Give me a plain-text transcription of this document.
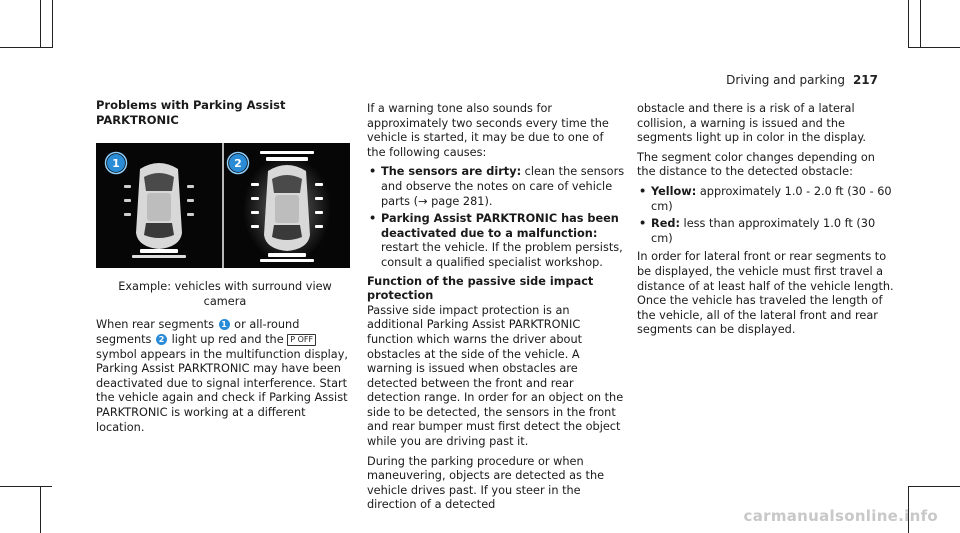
Driving and parking 217

Problems with Parking Assist PARKTRONIC

1	2

Example: vehicles with surround view camera

When rear segments 1 or all-round segments 2 light up red and the P OFF symbol appears in the multifunction display, Parking Assist PARKTRONIC may have been deactivated due to signal interference. Start the vehicle again and check if Parking Assist PARKTRONIC is working at a different location.

If a warning tone also sounds for approximately two seconds every time the vehicle is started, it may be due to one of the following causes:

• The sensors are dirty: clean the sensors and observe the notes on care of vehicle parts (→ page 281).
• Parking Assist PARKTRONIC has been deactivated due to a malfunction: restart the vehicle. If the problem persists, consult a qualified specialist workshop.

Function of the passive side impact protection

Passive side impact protection is an additional Parking Assist PARKTRONIC function which warns the driver about obstacles at the side of the vehicle. A warning is issued when obstacles are detected between the front and rear detection range. In order for an object on the side to be detected, the sensors in the front and rear bumper must first detect the object while you are driving past it.

During the parking procedure or when maneuvering, objects are detected as the vehicle drives past. If you steer in the direction of a detected

obstacle and there is a risk of a lateral collision, a warning is issued and the segments light up in color in the display.

The segment color changes depending on the distance to the detected obstacle:

• Yellow: approximately 1.0 - 2.0 ft (30 - 60 cm)
• Red: less than approximately 1.0 ft (30 cm)

In order for lateral front or rear segments to be displayed, the vehicle must first travel a distance of at least half of the vehicle length. Once the vehicle has traveled the length of the vehicle, all of the lateral front and rear segments can be displayed.

carmanualsonline.info
